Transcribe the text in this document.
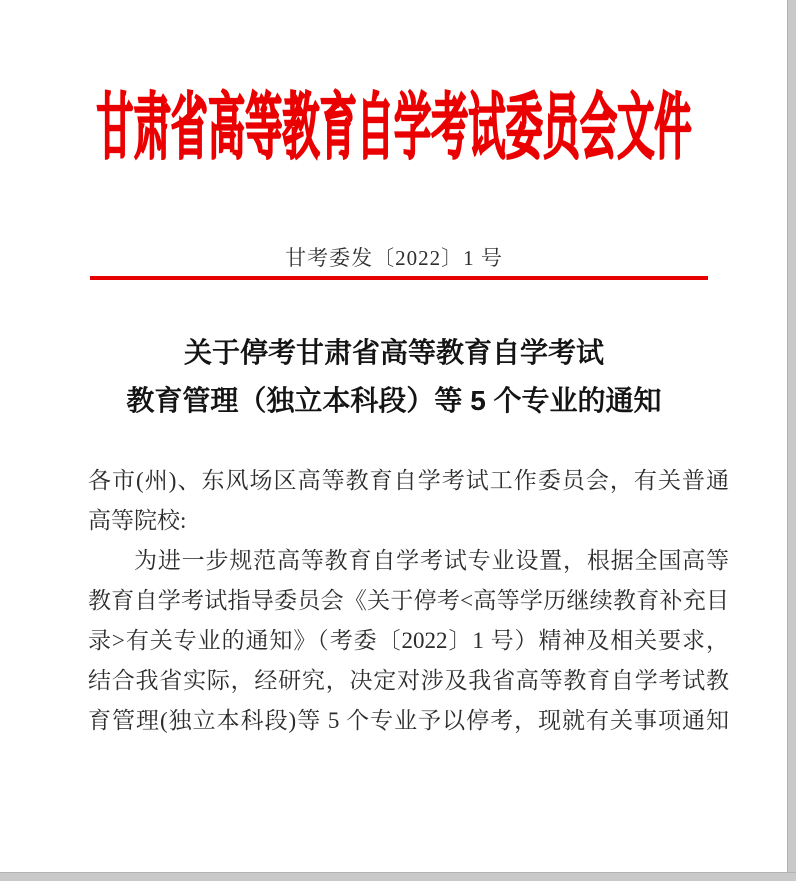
甘肃省高等教育自学考试委员会文件
甘考委发〔2022〕1 号
关于停考甘肃省高等教育自学考试
教育管理（独立本科段）等 5 个专业的通知
各市(州)、东风场区高等教育自学考试工作委员会，有关普通
高等院校:
为进一步规范高等教育自学考试专业设置，根据全国高等
教育自学考试指导委员会《关于停考<高等学历继续教育补充目
录>有关专业的通知》（考委〔2022〕1 号）精神及相关要求，
结合我省实际，经研究，决定对涉及我省高等教育自学考试教
育管理(独立本科段)等 5 个专业予以停考，现就有关事项通知
